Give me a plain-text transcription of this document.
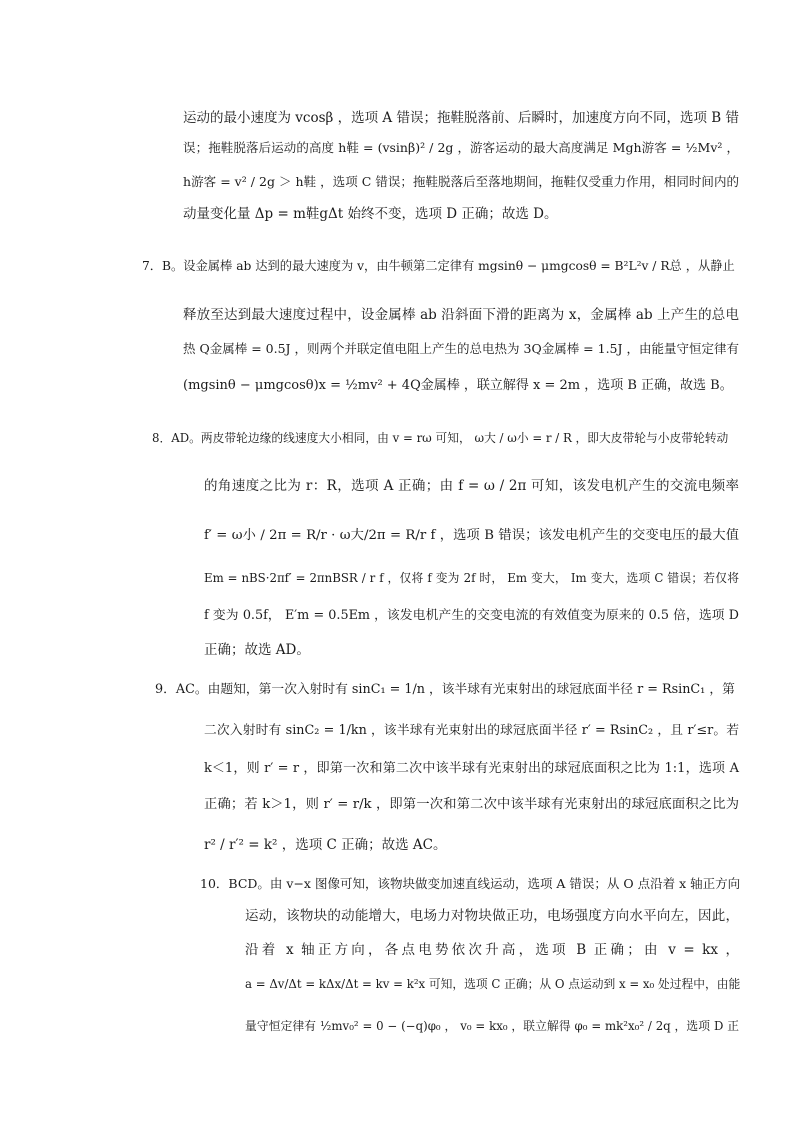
运动的最小速度为 vcosβ ，选项 A 错误；拖鞋脱落前、后瞬时，加速度方向不同，选项 B 错
误；拖鞋脱落后运动的高度 h鞋 = (vsinβ)² / 2g ，游客运动的最大高度满足 Mgh游客 = ½Mv² ，
h游客 = v² / 2g ＞ h鞋 ，选项 C 错误；拖鞋脱落后至落地期间，拖鞋仅受重力作用，相同时间内的
动量变化量 Δp = m鞋gΔt 始终不变，选项 D 正确；故选 D。
7．B。设金属棒 ab 达到的最大速度为 v，由牛顿第二定律有 mgsinθ − μmgcosθ = B²L²v / R总 ，从静止
释放至达到最大速度过程中，设金属棒 ab 沿斜面下滑的距离为 x，金属棒 ab 上产生的总电
热 Q金属棒 = 0.5J ，则两个并联定值电阻上产生的总电热为 3Q金属棒 = 1.5J ，由能量守恒定律有
(mgsinθ − μmgcosθ)x = ½mv² + 4Q金属棒 ，联立解得 x = 2m ，选项 B 正确，故选 B。
8．AD。两皮带轮边缘的线速度大小相同，由 v = rω 可知， ω大 / ω小 = r / R ，即大皮带轮与小皮带轮转动
的角速度之比为 r：R，选项 A 正确；由 f = ω / 2π 可知，该发电机产生的交流电频率
f′ = ω小 / 2π = R/r · ω大/2π = R/r f ，选项 B 错误；该发电机产生的交变电压的最大值
Em = nBS·2πf′ = 2πnBSR / r f ，仅将 f 变为 2f 时， Em 变大， Im 变大，选项 C 错误；若仅将
f 变为 0.5f， E′m = 0.5Em ，该发电机产生的交变电流的有效值变为原来的 0.5 倍，选项 D
正确；故选 AD。
9．AC。由题知，第一次入射时有 sinC₁ = 1/n ，该半球有光束射出的球冠底面半径 r = RsinC₁ ，第
二次入射时有 sinC₂ = 1/kn ，该半球有光束射出的球冠底面半径 r′ = RsinC₂ ，且 r′≤r。若
k＜1，则 r′ = r ，即第一次和第二次中该半球有光束射出的球冠底面积之比为 1:1，选项 A
正确；若 k＞1，则 r′ = r/k ，即第一次和第二次中该半球有光束射出的球冠底面积之比为
r² / r′² = k² ，选项 C 正确；故选 AC。
10．BCD。由 v−x 图像可知，该物块做变加速直线运动，选项 A 错误；从 O 点沿着 x 轴正方向
运动，该物块的动能增大，电场力对物块做正功，电场强度方向水平向左，因此，
沿着 x 轴正方向，各点电势依次升高，选项 B 正确；由 v = kx ，
a = Δv/Δt = kΔx/Δt = kv = k²x 可知，选项 C 正确；从 O 点运动到 x = x₀ 处过程中，由能
量守恒定律有 ½mv₀² = 0 − (−q)φ₀ ， v₀ = kx₀ ，联立解得 φ₀ = mk²x₀² / 2q ，选项 D 正
